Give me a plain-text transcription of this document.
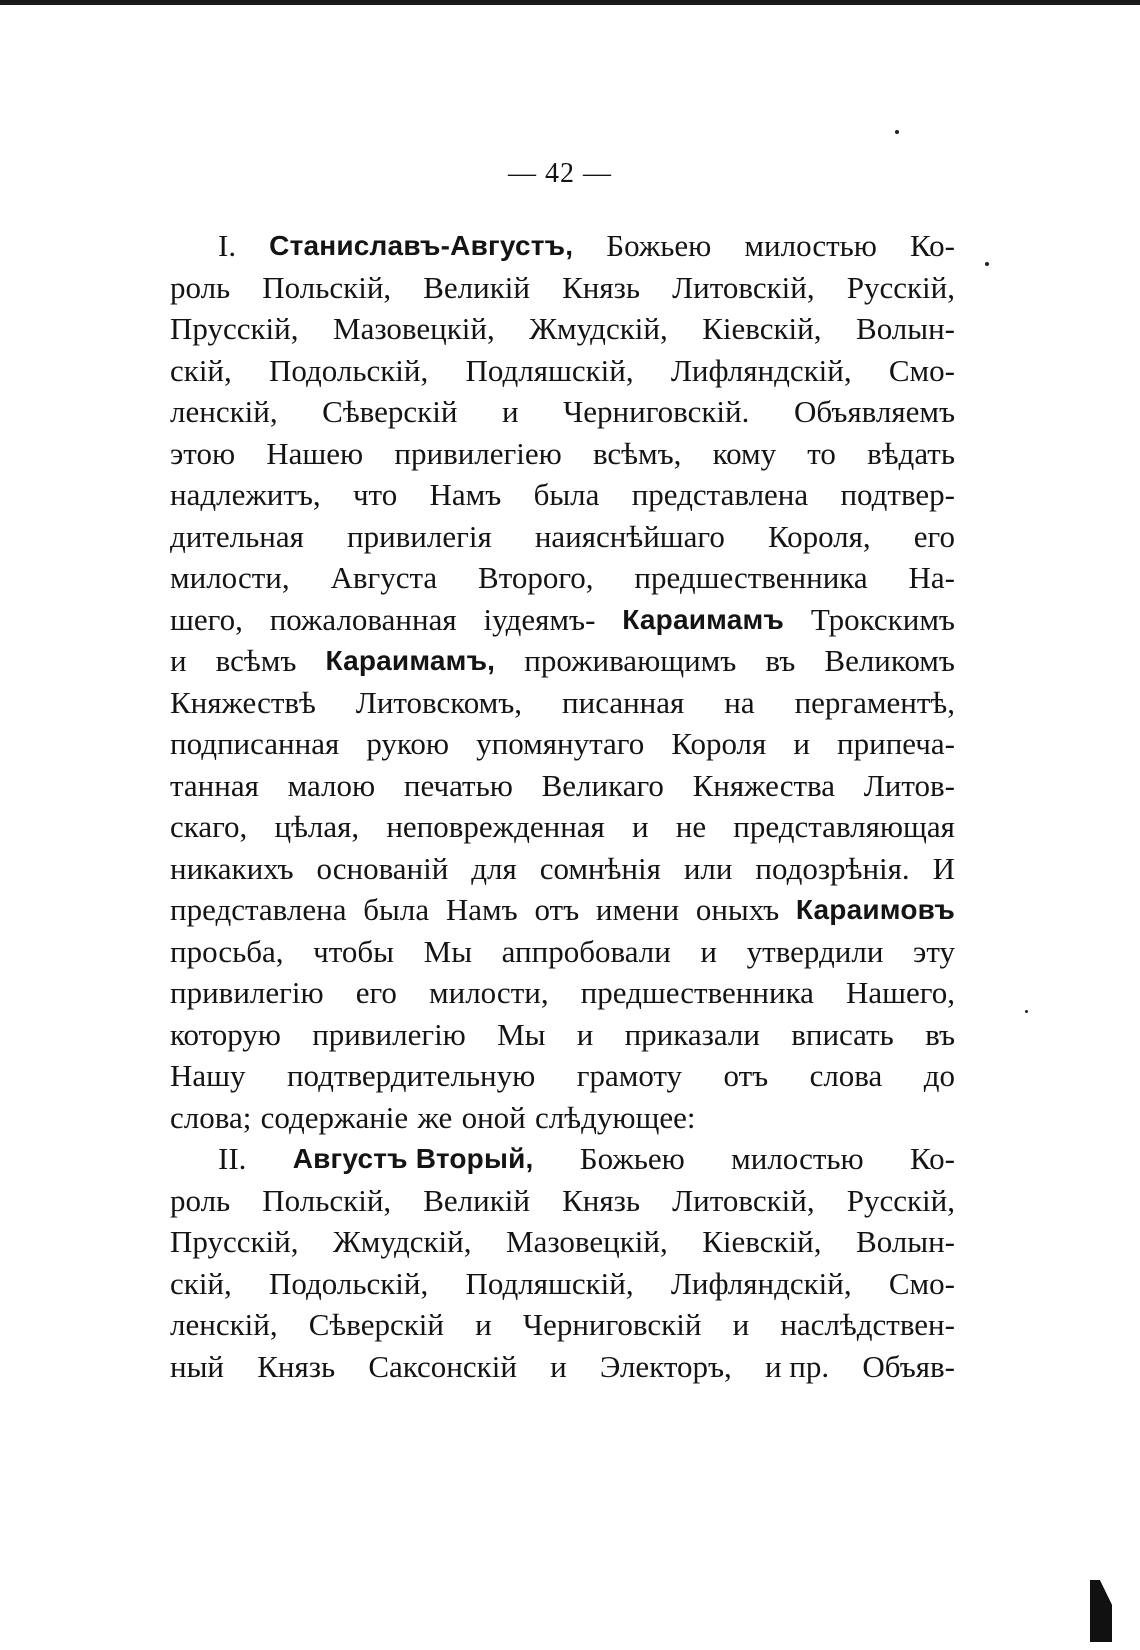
— 42 —
I. Станиславъ-Августъ, Божьею милостью Ко-
роль Польскій, Великій Князь Литовскій, Русскій,
Прусскій, Мазовецкій, Жмудскій, Кіевскій, Волын-
скій, Подольскій, Подляшскій, Лифляндскій, Смо-
ленскій, Сѣверскій и Черниговскій. Объявляемъ
этою Нашею привилегіею всѣмъ, кому то вѣдать
надлежитъ, что Намъ была представлена подтвер-
дительная привилегія наияснѣйшаго Короля, его
милости, Августа Второго, предшественника На-
шего, пожалованная іудеямъ- Караимамъ Трокскимъ
и всѣмъ Караимамъ, проживающимъ въ Великомъ
Княжествѣ Литовскомъ, писанная на пергаментѣ,
подписанная рукою упомянутаго Короля и припеча-
танная малою печатью Великаго Княжества Литов-
скаго, цѣлая, неповрежденная и не представляющая
никакихъ основаній для сомнѣнія или подозрѣнія. И
представлена была Намъ отъ имени оныхъ Караимовъ
просьба, чтобы Мы аппробовали и утвердили эту
привилегію его милости, предшественника Нашего,
которую привилегію Мы и приказали вписать въ
Нашу подтвердительную грамоту отъ слова до
слова; содержаніе же оной слѣдующее:
II. Августъ Вторый, Божьею милостью Ко-
роль Польскій, Великій Князь Литовскій, Русскій,
Прусскій, Жмудскій, Мазовецкій, Кіевскій, Волын-
скій, Подольскій, Подляшскій, Лифляндскій, Смо-
ленскій, Сѣверскій и Черниговскій и наслѣдствен-
ный Князь Саксонскій и Электоръ, и пр. Объяв-
